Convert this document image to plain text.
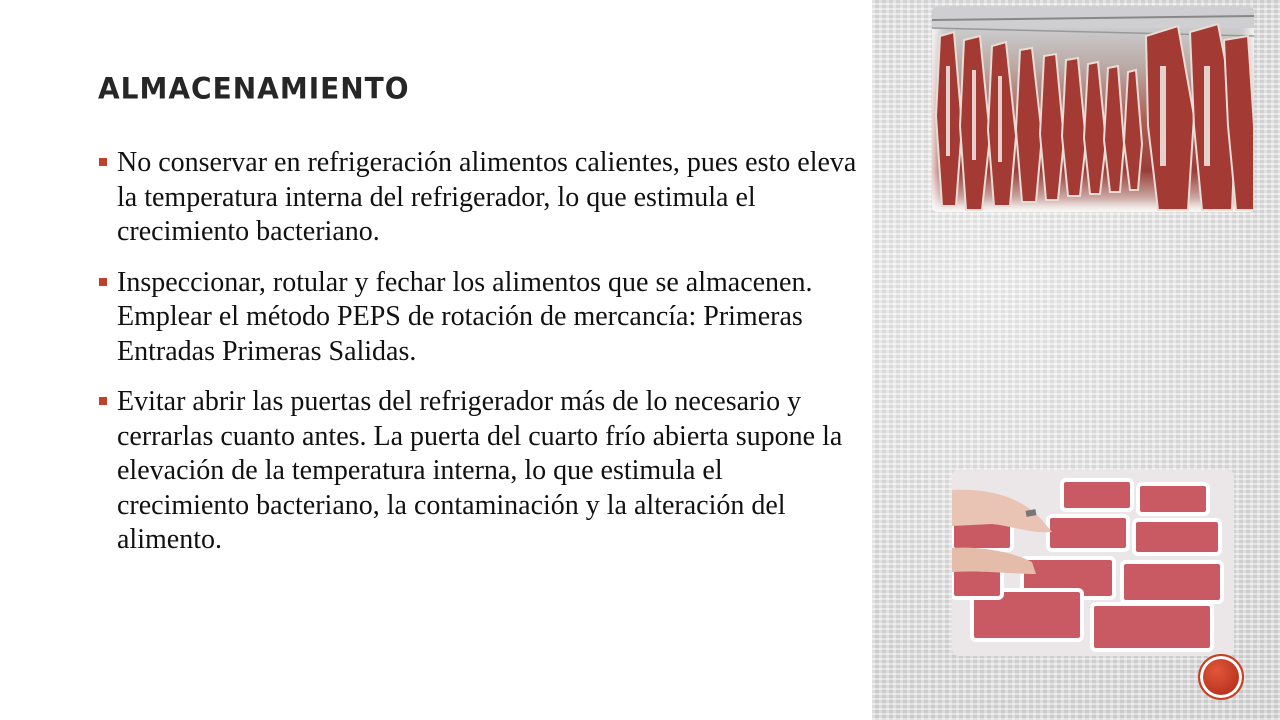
ALMACENAMIENTO
No conservar en refrigeración alimentos calientes, pues esto eleva la temperatura interna del refrigerador, lo que estimula el crecimiento bacteriano.
Inspeccionar, rotular y fechar los alimentos que se almacenen. Emplear el método PEPS de rotación de mercancía: Primeras Entradas Primeras Salidas.
Evitar abrir las puertas del refrigerador más de lo necesario y cerrarlas cuanto antes. La puerta del cuarto frío abierta supone la elevación de la temperatura interna, lo que estimula el crecimiento bacteriano, la contaminación y la alteración del alimento.
